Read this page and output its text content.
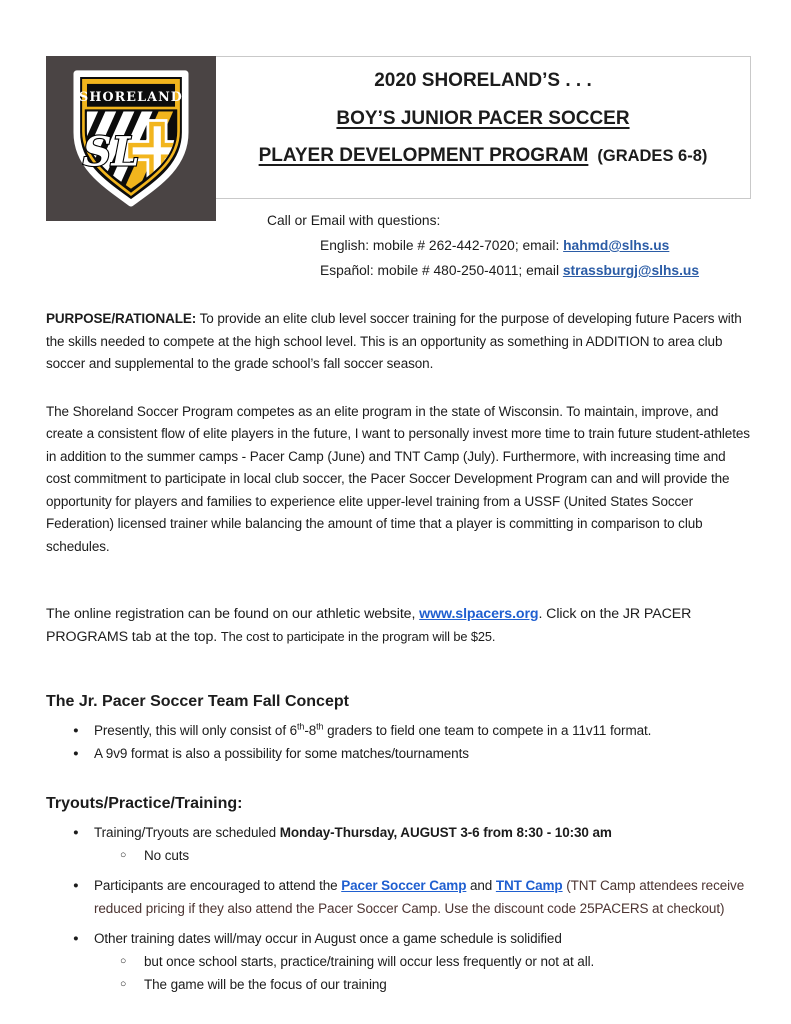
SHORELAND
SL
2020 SHORELAND’S . . .
BOY’S JUNIOR PACER SOCCER
PLAYER DEVELOPMENT PROGRAM (GRADES 6-8)
Call or Email with questions:
English: mobile # 262-442-7020; email: hahmd@slhs.us
Español: mobile # 480-250-4011; email strassburgj@slhs.us

PURPOSE/RATIONALE: To provide an elite club level soccer training for the purpose of developing future Pacers with the skills needed to compete at the high school level. This is an opportunity as something in ADDITION to area club soccer and supplemental to the grade school’s fall soccer season.

The Shoreland Soccer Program competes as an elite program in the state of Wisconsin. To maintain, improve, and create a consistent flow of elite players in the future, I want to personally invest more time to train future student-athletes in addition to the summer camps - Pacer Camp (June) and TNT Camp (July). Furthermore, with increasing time and cost commitment to participate in local club soccer, the Pacer Soccer Development Program can and will provide the opportunity for players and families to experience elite upper-level training from a USSF (United States Soccer Federation) licensed trainer while balancing the amount of time that a player is committing in comparison to club schedules.

The online registration can be found on our athletic website, www.slpacers.org. Click on the JR PACER PROGRAMS tab at the top. The cost to participate in the program will be $25.

The Jr. Pacer Soccer Team Fall Concept
●	Presently, this will only consist of 6th-8th graders to field one team to compete in a 11v11 format.
●	A 9v9 format is also a possibility for some matches/tournaments
Tryouts/Practice/Training:
●	Training/Tryouts are scheduled Monday-Thursday, AUGUST 3-6 from 8:30 - 10:30 am
○	No cuts
●	Participants are encouraged to attend the Pacer Soccer Camp and TNT Camp (TNT Camp attendees receive reduced pricing if they also attend the Pacer Soccer Camp. Use the discount code 25PACERS at checkout)
●	Other training dates will/may occur in August once a game schedule is solidified
○	but once school starts, practice/training will occur less frequently or not at all.
○	The game will be the focus of our training
